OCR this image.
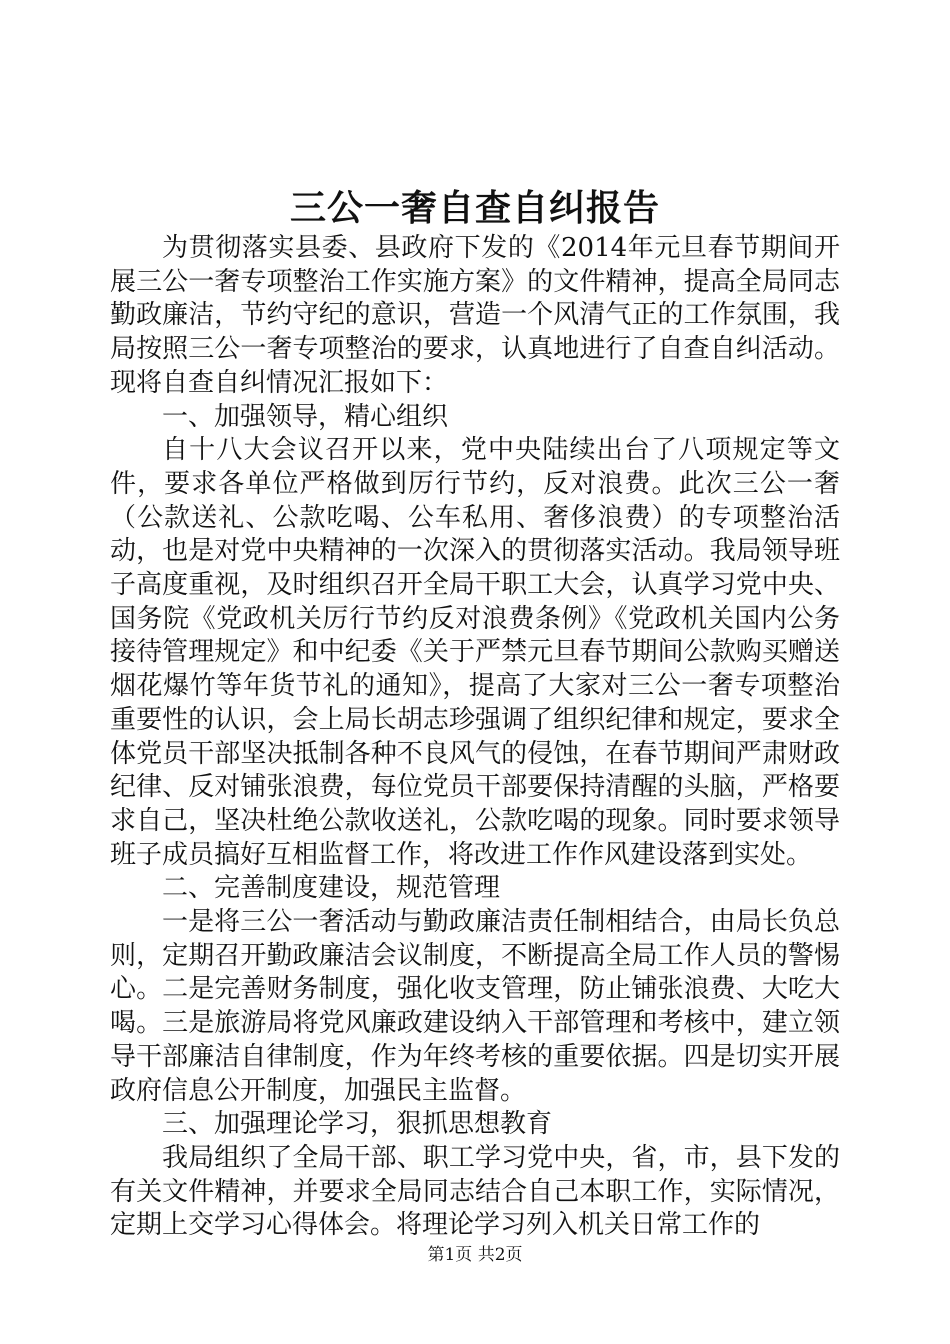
三公一奢自查自纠报告

为贯彻落实县委、县政府下发的《2014年元旦春节期间开展三公一奢专项整治工作实施方案》的文件精神，提高全局同志勤政廉洁，节约守纪的意识，营造一个风清气正的工作氛围，我局按照三公一奢专项整治的要求，认真地进行了自查自纠活动。现将自查自纠情况汇报如下：

一、加强领导，精心组织

自十八大会议召开以来，党中央陆续出台了八项规定等文件，要求各单位严格做到厉行节约，反对浪费。此次三公一奢（公款送礼、公款吃喝、公车私用、奢侈浪费）的专项整治活动，也是对党中央精神的一次深入的贯彻落实活动。我局领导班子高度重视，及时组织召开全局干职工大会，认真学习党中央、国务院《党政机关厉行节约反对浪费条例》《党政机关国内公务接待管理规定》和中纪委《关于严禁元旦春节期间公款购买赠送烟花爆竹等年货节礼的通知》，提高了大家对三公一奢专项整治重要性的认识，会上局长胡志珍强调了组织纪律和规定，要求全体党员干部坚决抵制各种不良风气的侵蚀，在春节期间严肃财政纪律、反对铺张浪费，每位党员干部要保持清醒的头脑，严格要求自己，坚决杜绝公款收送礼，公款吃喝的现象。同时要求领导班子成员搞好互相监督工作，将改进工作作风建设落到实处。

二、完善制度建设，规范管理

一是将三公一奢活动与勤政廉洁责任制相结合，由局长负总则，定期召开勤政廉洁会议制度，不断提高全局工作人员的警惕心。二是完善财务制度，强化收支管理，防止铺张浪费、大吃大喝。三是旅游局将党风廉政建设纳入干部管理和考核中，建立领导干部廉洁自律制度，作为年终考核的重要依据。四是切实开展政府信息公开制度，加强民主监督。

三、加强理论学习，狠抓思想教育

我局组织了全局干部、职工学习党中央，省，市，县下发的有关文件精神，并要求全局同志结合自己本职工作，实际情况，定期上交学习心得体会。将理论学习列入机关日常工作的

第1页 共2页
